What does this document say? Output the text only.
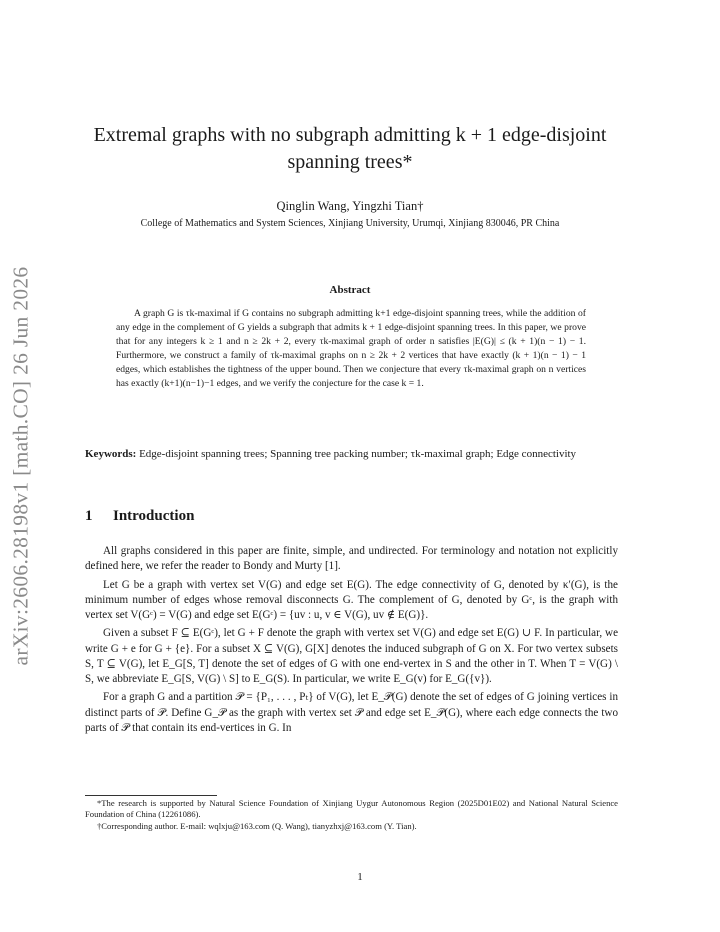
arXiv:2606.28198v1 [math.CO] 26 Jun 2026
Extremal graphs with no subgraph admitting k + 1 edge-disjoint
spanning trees*
Qinglin Wang, Yingzhi Tian†
College of Mathematics and System Sciences, Xinjiang University, Urumqi, Xinjiang 830046, PR China
Abstract
A graph G is τk-maximal if G contains no subgraph admitting k+1 edge-disjoint spanning trees, while the addition of any edge in the complement of G yields a subgraph that admits k + 1 edge-disjoint spanning trees. In this paper, we prove that for any integers k ≥ 1 and n ≥ 2k + 2, every τk-maximal graph of order n satisfies |E(G)| ≤ (k + 1)(n − 1) − 1. Furthermore, we construct a family of τk-maximal graphs on n ≥ 2k + 2 vertices that have exactly (k + 1)(n − 1) − 1 edges, which establishes the tightness of the upper bound. Then we conjecture that every τk-maximal graph on n vertices has exactly (k+1)(n−1)−1 edges, and we verify the conjecture for the case k = 1.
Keywords: Edge-disjoint spanning trees; Spanning tree packing number; τk-maximal graph; Edge connectivity
1 Introduction

All graphs considered in this paper are finite, simple, and undirected. For terminology and notation not explicitly defined here, we refer the reader to Bondy and Murty [1].

Let G be a graph with vertex set V(G) and edge set E(G). The edge connectivity of G, denoted by κ′(G), is the minimum number of edges whose removal disconnects G. The complement of G, denoted by Gᶜ, is the graph with vertex set V(Gᶜ) = V(G) and edge set E(Gᶜ) = {uv : u, v ∈ V(G), uv ∉ E(G)}.

Given a subset F ⊆ E(Gᶜ), let G + F denote the graph with vertex set V(G) and edge set E(G) ∪ F. In particular, we write G + e for G + {e}. For a subset X ⊆ V(G), G[X] denotes the induced subgraph of G on X. For two vertex subsets S, T ⊆ V(G), let E_G[S, T] denote the set of edges of G with one end-vertex in S and the other in T. When T = V(G) \ S, we abbreviate E_G[S, V(G) \ S] to E_G(S). In particular, we write E_G(v) for E_G({v}).

For a graph G and a partition 𝒫 = {P₁, . . . , Pₜ} of V(G), let E_𝒫(G) denote the set of edges of G joining vertices in distinct parts of 𝒫. Define G_𝒫 as the graph with vertex set 𝒫 and edge set E_𝒫(G), where each edge connects the two parts of 𝒫 that contain its end-vertices in G. In

*The research is supported by Natural Science Foundation of Xinjiang Uygur Autonomous Region (2025D01E02) and National Natural Science Foundation of China (12261086).
†Corresponding author. E-mail: wqlxju@163.com (Q. Wang), tianyzhxj@163.com (Y. Tian).
1
